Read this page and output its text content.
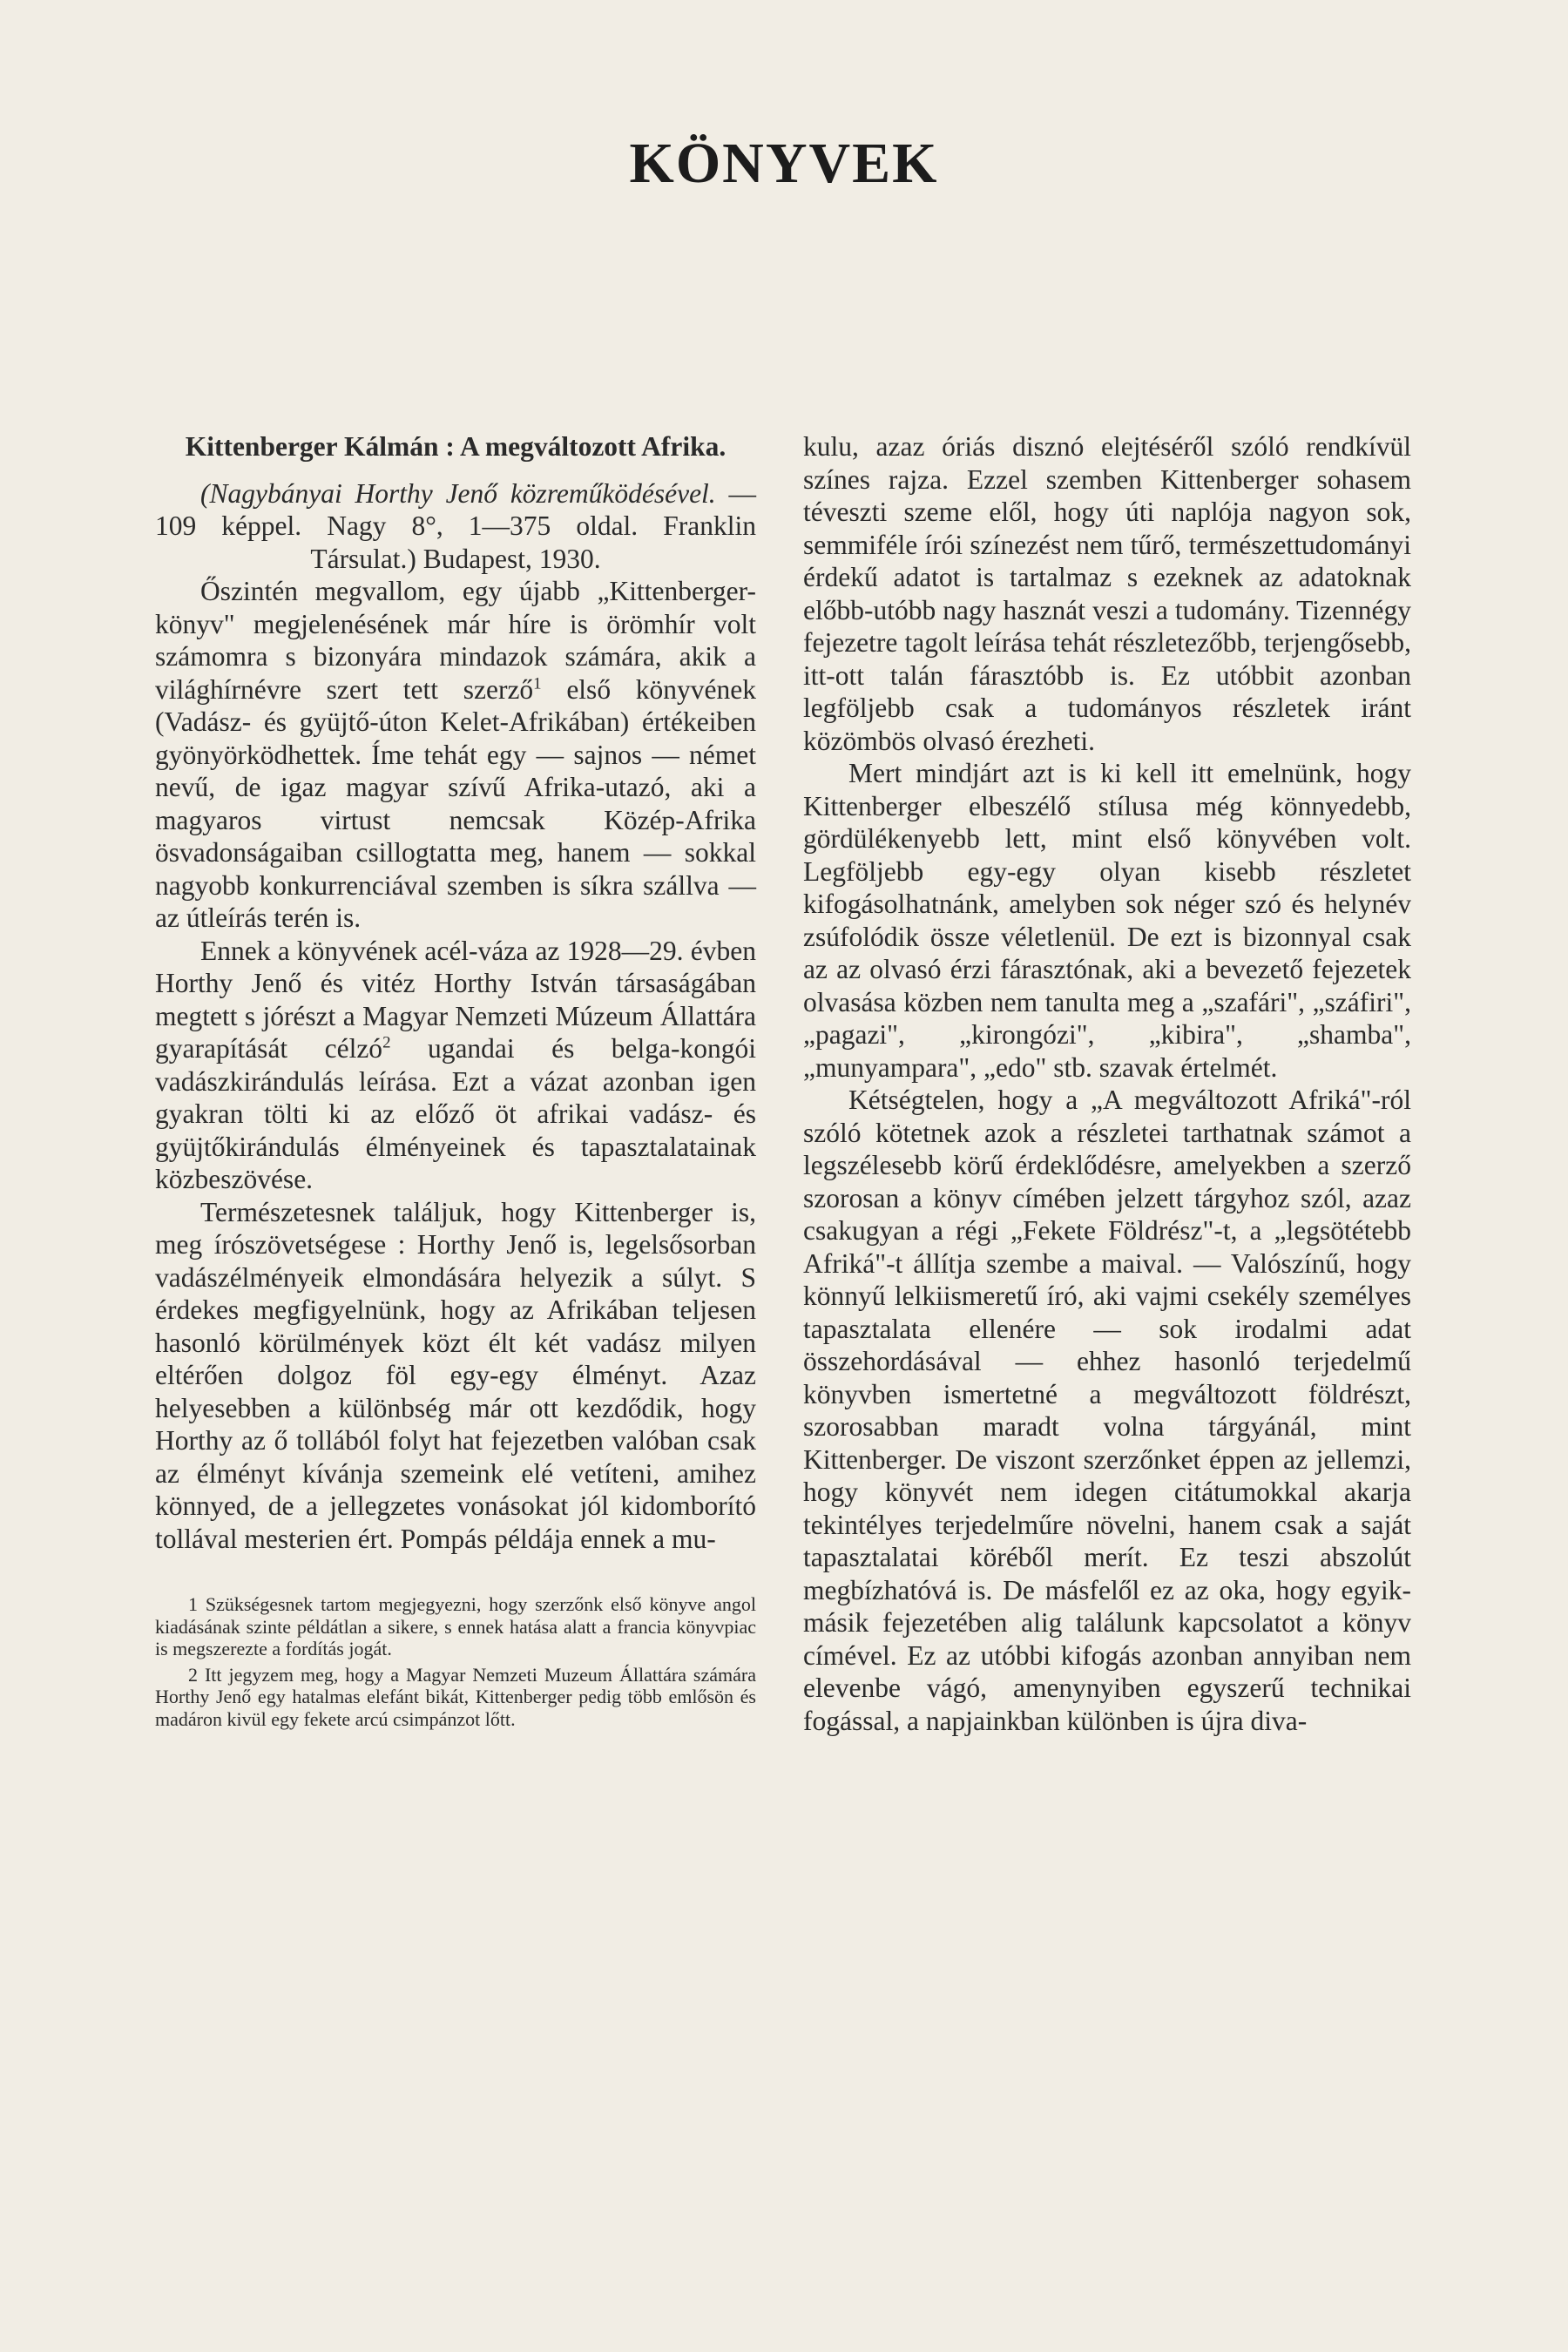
KÖNYVEK
Kittenberger Kálmán : A megváltozott Afrika.

(Nagybányai Horthy Jenő közreműködésével. — 109 képpel. Nagy 8°, 1—375 oldal. Franklin Társulat.) Budapest, 1930.

Őszintén megvallom, egy újabb „Kittenberger-könyv" megjelenésének már híre is örömhír volt számomra s bizonyára mindazok számára, akik a világhírnévre szert tett szerző$^1$ első könyvének (Vadász- és gyüjtő-úton Kelet-Afrikában) értékeiben gyönyörködhettek. Íme tehát egy — sajnos — német nevű, de igaz magyar szívű Afrika-utazó, aki a magyaros virtust nemcsak Közép-Afrika ösvadonságaiban csillogtatta meg, hanem — sokkal nagyobb konkurrenciával szemben is síkra szállva — az útleírás terén is.

Ennek a könyvének acél-váza az 1928—29. évben Horthy Jenő és vitéz Horthy István társaságában megtett s jórészt a Magyar Nemzeti Múzeum Állattára gyarapítását célzó$^2$ ugandai és belga-kongói vadászkirándulás leírása. Ezt a vázat azonban igen gyakran tölti ki az előző öt afrikai vadász- és gyüjtőkirándulás élményeinek és tapasztalatainak közbeszövése.

Természetesnek találjuk, hogy Kittenberger is, meg írószövetségese : Horthy Jenő is, legelsősorban vadászélményeik elmondására helyezik a súlyt. S érdekes megfigyelnünk, hogy az Afrikában teljesen hasonló körülmények közt élt két vadász milyen eltérően dolgoz föl egy-egy élményt. Azaz helyesebben a különbség már ott kezdődik, hogy Horthy az ő tollából folyt hat fejezetben valóban csak az élményt kívánja szemeink elé vetíteni, amihez könnyed, de a jellegzetes vonásokat jól kidomborító tollával mesterien ért. Pompás példája ennek a mu-

1 Szükségesnek tartom megjegyezni, hogy szerzőnk első könyve angol kiadásának szinte példátlan a sikere, s ennek hatása alatt a francia könyvpiac is megszerezte a fordítás jogát.

2 Itt jegyzem meg, hogy a Magyar Nemzeti Muzeum Állattára számára Horthy Jenő egy hatalmas elefánt bikát, Kittenberger pedig több emlősön és madáron kivül egy fekete arcú csimpánzot lőtt.

kulu, azaz óriás disznó elejtéséről szóló rendkívül színes rajza. Ezzel szemben Kittenberger sohasem téveszti szeme elől, hogy úti naplója nagyon sok, semmiféle írói színezést nem tűrő, természettudományi érdekű adatot is tartalmaz s ezeknek az adatoknak előbb-utóbb nagy hasznát veszi a tudomány. Tizennégy fejezetre tagolt leírása tehát részletezőbb, terjengősebb, itt-ott talán fárasztóbb is. Ez utóbbit azonban legföljebb csak a tudományos részletek iránt közömbös olvasó érezheti.

Mert mindjárt azt is ki kell itt emelnünk, hogy Kittenberger elbeszélő stílusa még könnyedebb, gördülékenyebb lett, mint első könyvében volt. Legföljebb egy-egy olyan kisebb részletet kifogásolhatnánk, amelyben sok néger szó és helynév zsúfolódik össze véletlenül. De ezt is bizonnyal csak az az olvasó érzi fárasztónak, aki a bevezető fejezetek olvasása közben nem tanulta meg a „szafári", „száfiri", „pagazi", „kirongózi", „kibira", „shamba", „munyampara", „edo" stb. szavak értelmét.

Kétségtelen, hogy a „A megváltozott Afriká"-ról szóló kötetnek azok a részletei tarthatnak számot a legszélesebb körű érdeklődésre, amelyekben a szerző szorosan a könyv címében jelzett tárgyhoz szól, azaz csakugyan a régi „Fekete Földrész"-t, a „legsötétebb Afriká"-t állítja szembe a maival. — Valószínű, hogy könnyű lelkiismeretű író, aki vajmi csekély személyes tapasztalata ellenére — sok irodalmi adat összehordásával — ehhez hasonló terjedelmű könyvben ismertetné a megváltozott földrészt, szorosabban maradt volna tárgyánál, mint Kittenberger. De viszont szerzőnket éppen az jellemzi, hogy könyvét nem idegen citátumokkal akarja tekintélyes terjedelműre növelni, hanem csak a saját tapasztalatai köréből merít. Ez teszi abszolút megbízhatóvá is. De másfelől ez az oka, hogy egyik-másik fejezetében alig találunk kapcsolatot a könyv címével. Ez az utóbbi kifogás azonban annyiban nem elevenbe vágó, amenynyiben egyszerű technikai fogással, a napjainkban különben is újra diva-
